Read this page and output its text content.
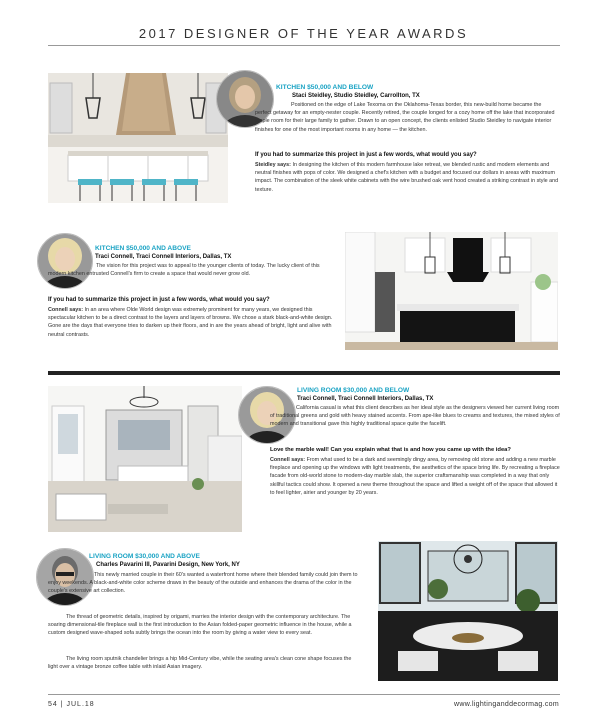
2017 DESIGNER OF THE YEAR AWARDS
KITCHEN $50,000 AND BELOW
Staci Steidley, Studio Steidley, Carrollton, TX
Positioned on the edge of Lake Texoma on the Oklahoma-Texas border, this new-build home became the perfect getaway for an empty-nester couple. Recently retired, the couple longed for a cozy home off the lake that incorporated ample room for their large family to gather. Drawn to an open concept, the clients enlisted Studio Steidley to navigate interior finishes for one of the most important rooms in any home — the kitchen.
If you had to summarize this project in just a few words, what would you say?
Steidley says: In designing the kitchen of this modern farmhouse lake retreat, we blended rustic and modern elements and neutral finishes with pops of color. We designed a chef's kitchen with a budget and focused our dollars in areas with maximum impact. The combination of the sleek white cabinets with the wire brushed oak vent hood created a striking contrast in style and texture.
KITCHEN $50,000 AND ABOVE
Traci Connell, Traci Connell Interiors, Dallas, TX
The vision for this project was to appeal to the younger clients of today. The lucky client of this modern kitchen entrusted Connell's firm to create a space that would never grow old.
If you had to summarize this project in just a few words, what would you say?
Connell says: In an area where Olde World design was extremely prominent for many years, we designed this spectacular kitchen to be a direct contrast to the layers and layers of browns. We chose a stark black-and-white design. Gone are the days that everyone tries to darken up their floors, and in are the years ahead of bright, light and alive with neutral contrasts.
LIVING ROOM $30,000 AND BELOW
Traci Connell, Traci Connell Interiors, Dallas, TX
California casual is what this client describes as her ideal style as the designers viewed her current living room of traditional greens and gold with heavy stained accents. From ape-like blues to creams and textures, the mixed styles of modern and transitional gave this highly traditional space quite the facelift.
Love the marble wall! Can you explain what that is and how you came up with the idea?
Connell says: From what used to be a dark and seemingly dingy area, by removing old stone and adding a new marble fireplace and opening up the windows with light treatments, the aesthetics of the space bring life. By recreating a fireplace facade from old-world stone to modern-day marble slab, the superior craftsmanship was completed in a way that only skillful tactics could show. It opened a new theme throughout the space and lifted a weight off of the space that allowed it to feel lighter, airier and younger by 20 years.
LIVING ROOM $30,000 AND ABOVE
Charles Pavarini III, Pavarini Design, New York, NY
This newly married couple in their 60's wanted a waterfront home where their blended family could join them to enjoy weekends. A black-and-white color scheme draws in the beauty of the outside and enhances the drama of the color in the couple's extensive art collection.
The thread of geometric details, inspired by origami, marries the interior design with the contemporary architecture. The soaring dimensional-tile fireplace wall is the first introduction to the Asian folded-paper geometric influence in the house, while a custom designed wave-shaped sofa subtly brings the ocean into the room by giving a water view to every seat.
The living room sputnik chandelier brings a hip Mid-Century vibe, while the seating area's clean cone shape focuses the light over a vintage bronze coffee table with inlaid Asian imagery.
54 | JUL.18	www.lightinganddecormag.com
